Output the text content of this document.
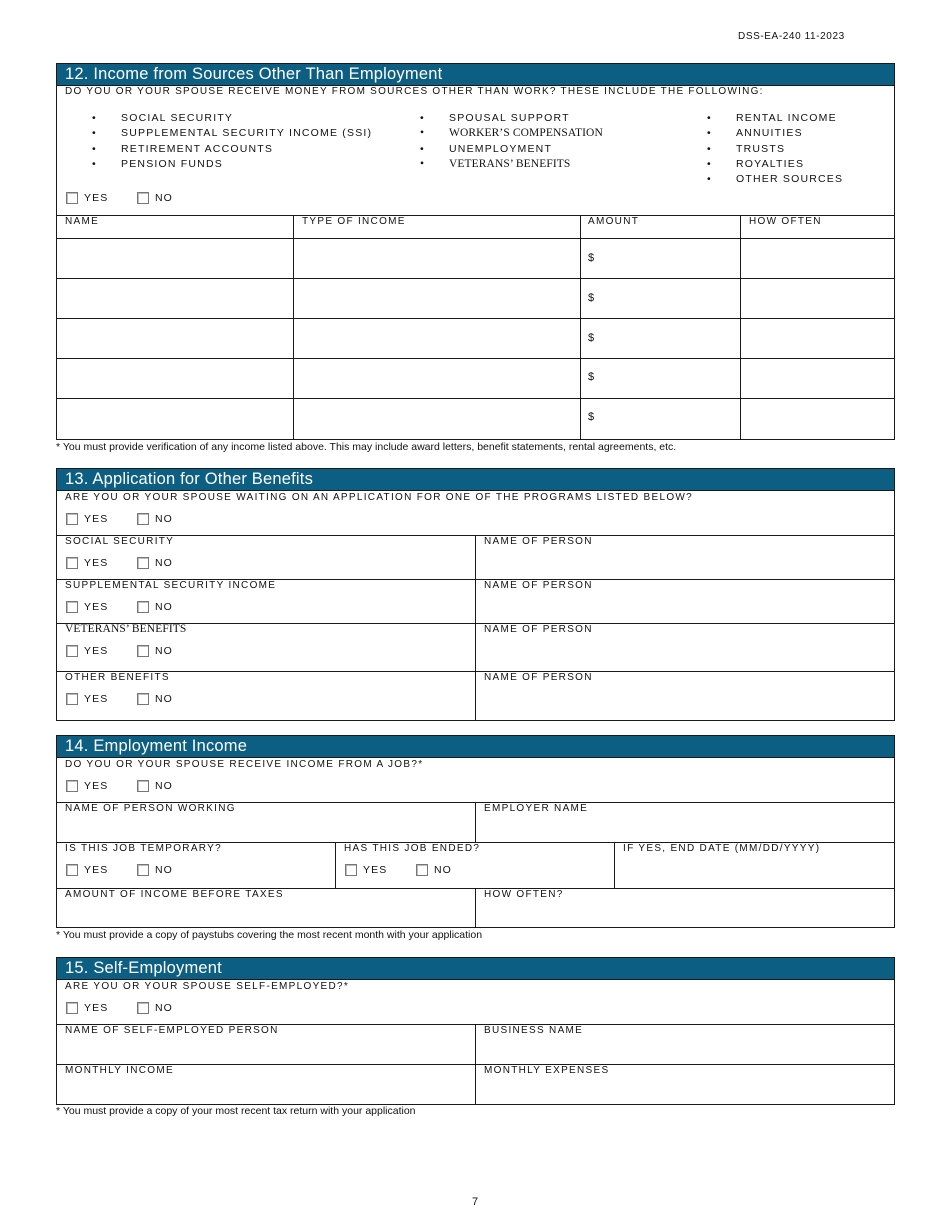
DSS-EA-240 11-2023
12. Income from Sources Other Than Employment
DO YOU OR YOUR SPOUSE RECEIVE MONEY FROM SOURCES OTHER THAN WORK? THESE INCLUDE THE FOLLOWING:
• SOCIAL SECURITY
• SUPPLEMENTAL SECURITY INCOME (SSI)
• RETIREMENT ACCOUNTS
• PENSION FUNDS
• SPOUSAL SUPPORT
• WORKER’S COMPENSATION
• UNEMPLOYMENT
• VETERANS’ BENEFITS
• RENTAL INCOME
• ANNUITIES
• TRUSTS
• ROYALTIES
• OTHER SOURCES
YES	NO
NAME	TYPE OF INCOME	AMOUNT	HOW OFTEN
$
$
$
$
$
* You must provide verification of any income listed above. This may include award letters, benefit statements, rental agreements, etc.
13. Application for Other Benefits
ARE YOU OR YOUR SPOUSE WAITING ON AN APPLICATION FOR ONE OF THE PROGRAMS LISTED BELOW?
YES	NO
SOCIAL SECURITY
YES	NO
NAME OF PERSON
SUPPLEMENTAL SECURITY INCOME
YES	NO
NAME OF PERSON
VETERANS’ BENEFITS
YES	NO
NAME OF PERSON
OTHER BENEFITS
YES	NO
NAME OF PERSON
14. Employment Income
DO YOU OR YOUR SPOUSE RECEIVE INCOME FROM A JOB?*
YES	NO
NAME OF PERSON WORKING	EMPLOYER NAME
IS THIS JOB TEMPORARY?
YES	NO
HAS THIS JOB ENDED?
YES	NO
IF YES, END DATE (MM/DD/YYYY)
AMOUNT OF INCOME BEFORE TAXES	HOW OFTEN?
* You must provide a copy of paystubs covering the most recent month with your application
15. Self-Employment
ARE YOU OR YOUR SPOUSE SELF-EMPLOYED?*
YES	NO
NAME OF SELF-EMPLOYED PERSON	BUSINESS NAME
MONTHLY INCOME	MONTHLY EXPENSES
* You must provide a copy of your most recent tax return with your application
7
